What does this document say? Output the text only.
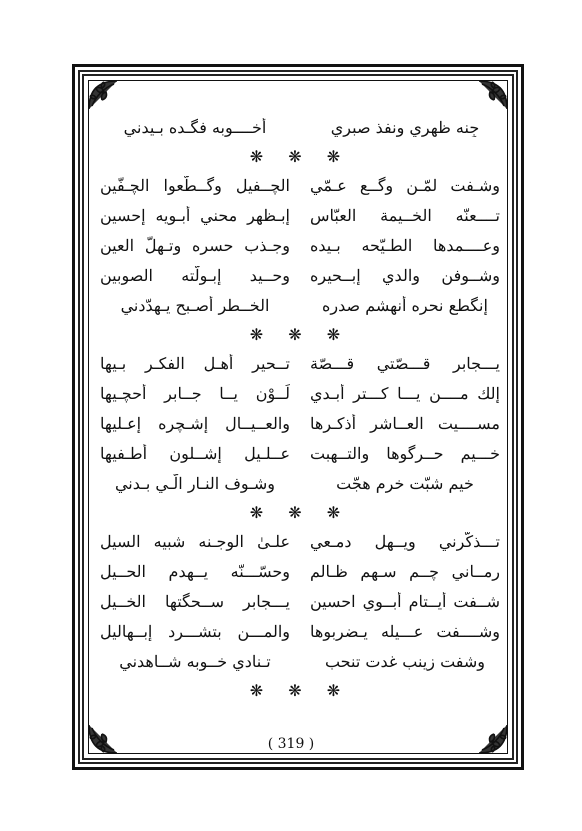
جِنه ظهري ونفذ صبري
أخــــوبه فگـده بـيدني
❋ ❋ ❋
وشـفت لمّـن وگــع عـمّي
الچــفيل وگــطّعوا الچـفّين
تــــعنّه الخــيمة العبّاس
إبـظهر محني أبـويه إحسين
وعــــمدها الطـيّحه بـيده
وجـذب حسره وتـهلّ العين
وشــوفن والدي إبــحيره
وحــيد إبـولّته الصوبين
إنگطع نحره أنهشم صدره
الخــطر أصـبح يـهدّدني
❋ ❋ ❋
يـــجابر قـــصّتي قـــصّة
تــحير أهـل الفكـر بـيها
إلك مــــن يـــا كـــتر أبـدي
لَــوْن يــا جــابر أحچـيها
مســــيت العــاشر أذكـرها
والعــيــال إشـچره إعـليها
خـــيم حــرگوها والتــهبت
عــلـيل إشــلون أطـفيها
خيم شبّت خرم هجّت
وشـوف النـار الّـي بـدني
❋ ❋ ❋
تـــذكّرني ويــهل دمـعي
علـىٰ الوجـنه شبيه السيل
رمــاني چــم سـهم ظـالم
وحسّـــنّه يــهدم الحــيل
شــفت أيــتام أبــوي احسين
يـــجابر ســحگتها الخــيل
وشــــفت عـــيله يـضربوها
والمـــن بتشـــرد إبــهاليل
وشفت زينب غدت تنحب
تـنادي خــوبه شــاهدني
❋ ❋ ❋
( 319 )
